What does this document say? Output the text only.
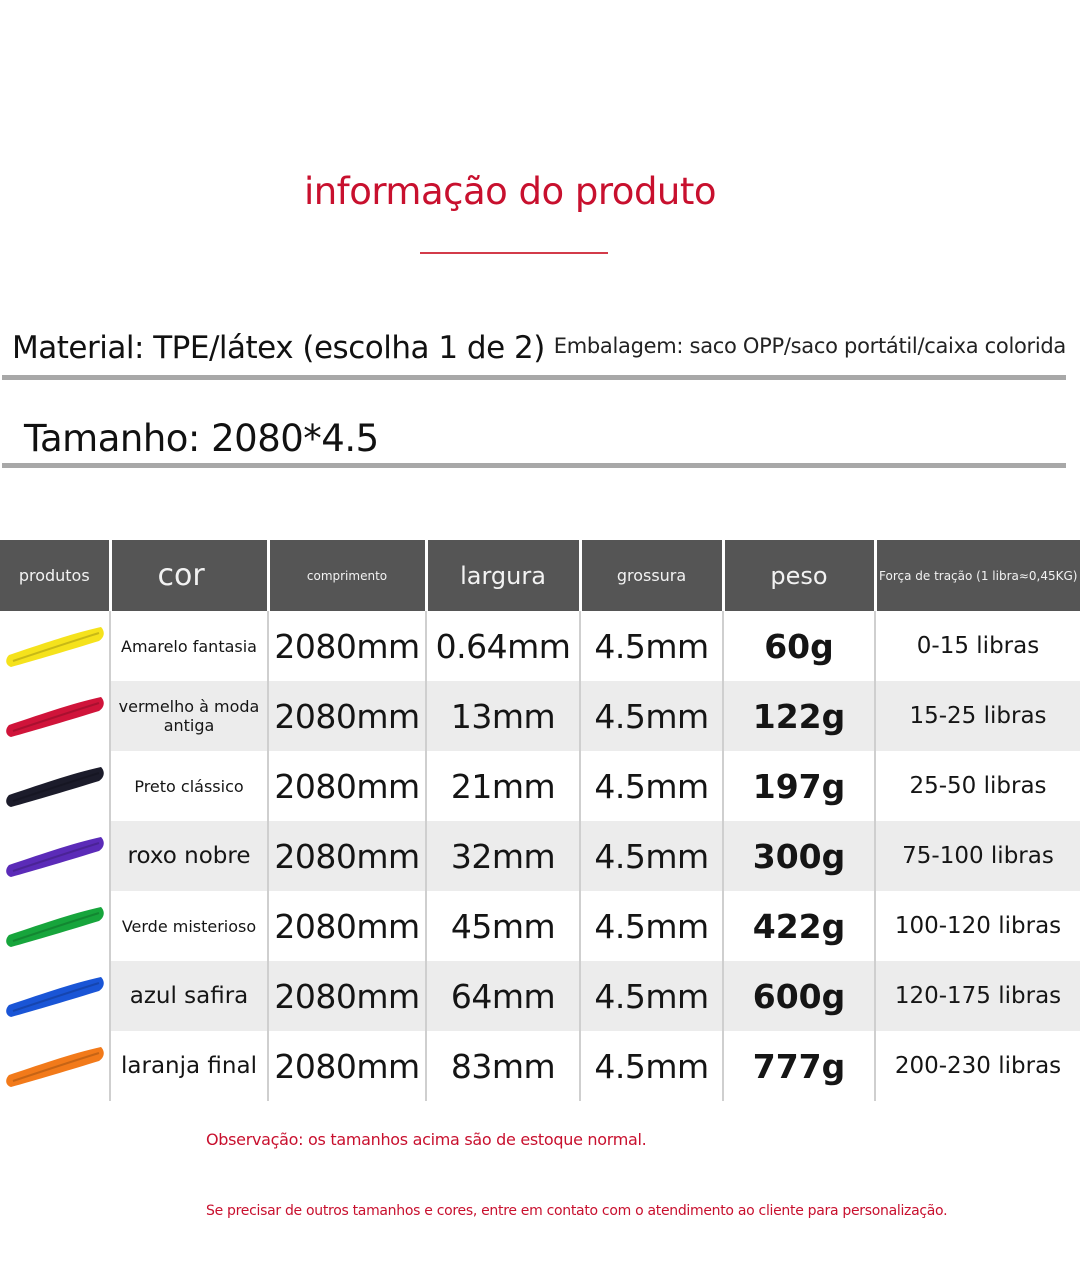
informação do produto
Material: TPE/látex (escolha 1 de 2) Embalagem: saco OPP/saco portátil/caixa colorida
Tamanho: 2080*4.5
produtos	cor	comprimento	largura	grossura	peso	Força de tração (1 libra≈0,45KG)

	Amarelo fantasia	2080mm	0.64mm	4.5mm	60g	0-15 libras

	vermelho à moda antiga	2080mm	13mm	4.5mm	122g	15-25 libras

	Preto clássico	2080mm	21mm	4.5mm	197g	25-50 libras

	roxo nobre	2080mm	32mm	4.5mm	300g	75-100 libras

	Verde misterioso	2080mm	45mm	4.5mm	422g	100-120 libras

	azul safira	2080mm	64mm	4.5mm	600g	120-175 libras

	laranja final	2080mm	83mm	4.5mm	777g	200-230 libras
Observação: os tamanhos acima são de estoque normal.
Se precisar de outros tamanhos e cores, entre em contato com o atendimento ao cliente para personalização.
